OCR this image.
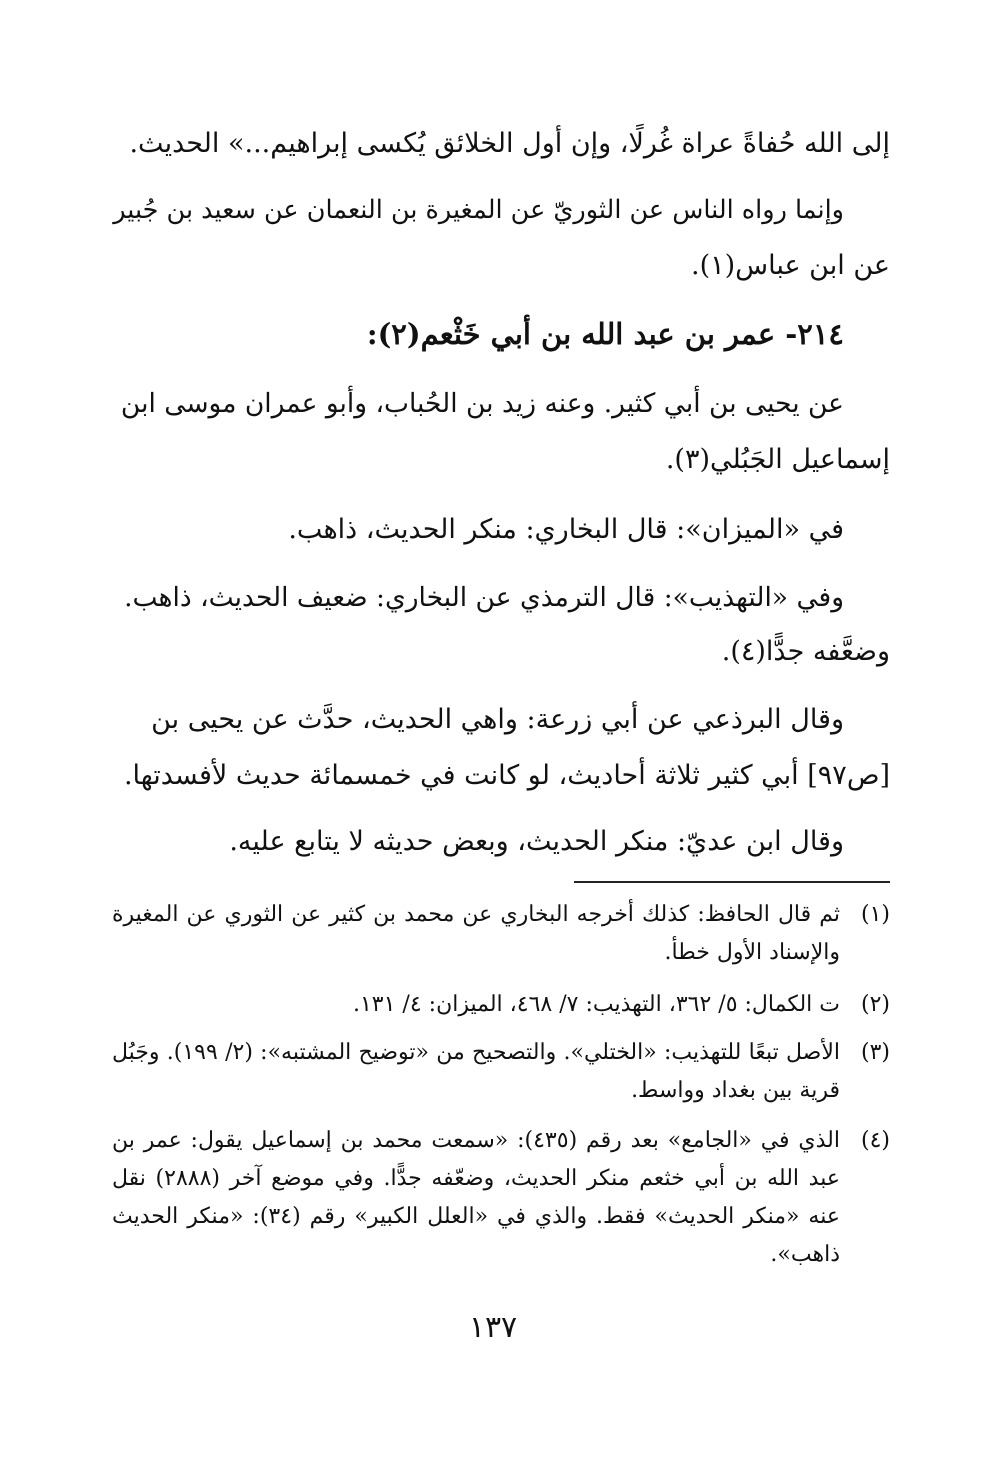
إلى الله حُفاةً عراة غُرلًا، وإن أول الخلائق يُكسى إبراهيم...» الحديث.
وإنما رواه الناس عن الثوريّ عن المغيرة بن النعمان عن سعيد بن جُبير
عن ابن عباس(١).
٢١٤- عمر بن عبد الله بن أبي خَثْعم(٢):
عن يحيى بن أبي كثير. وعنه زيد بن الحُباب، وأبو عمران موسى ابن
إسماعيل الجَبُلي(٣).
في «الميزان»: قال البخاري: منكر الحديث، ذاهب.
وفي «التهذيب»: قال الترمذي عن البخاري: ضعيف الحديث، ذاهب.
وضعَّفه جدًّا(٤).
وقال البرذعي عن أبي زرعة: واهي الحديث، حدَّث عن يحيى بن
[ص٩٧] أبي كثير ثلاثة أحاديث، لو كانت في خمسمائة حديث لأفسدتها.
وقال ابن عديّ: منكر الحديث، وبعض حديثه لا يتابع عليه.
(١)
ثم قال الحافظ: كذلك أخرجه البخاري عن محمد بن كثير عن الثوري عن المغيرة والإسناد الأول خطأ.
(٢)
ت الكمال: ٥/ ٣٦٢، التهذيب: ٧/ ٤٦٨، الميزان: ٤/ ١٣١.
(٣)
الأصل تبعًا للتهذيب: «الختلي». والتصحيح من «توضيح المشتبه»: (٢/ ١٩٩). وجَبُل قرية بين بغداد وواسط.
(٤)
الذي في «الجامع» بعد رقم (٤٣٥): «سمعت محمد بن إسماعيل يقول: عمر بن عبد الله بن أبي خثعم منكر الحديث، وضعّفه جدًّا. وفي موضع آخر (٢٨٨٨) نقل عنه «منكر الحديث» فقط. والذي في «العلل الكبير» رقم (٣٤): «منكر الحديث ذاهب».
١٣٧
